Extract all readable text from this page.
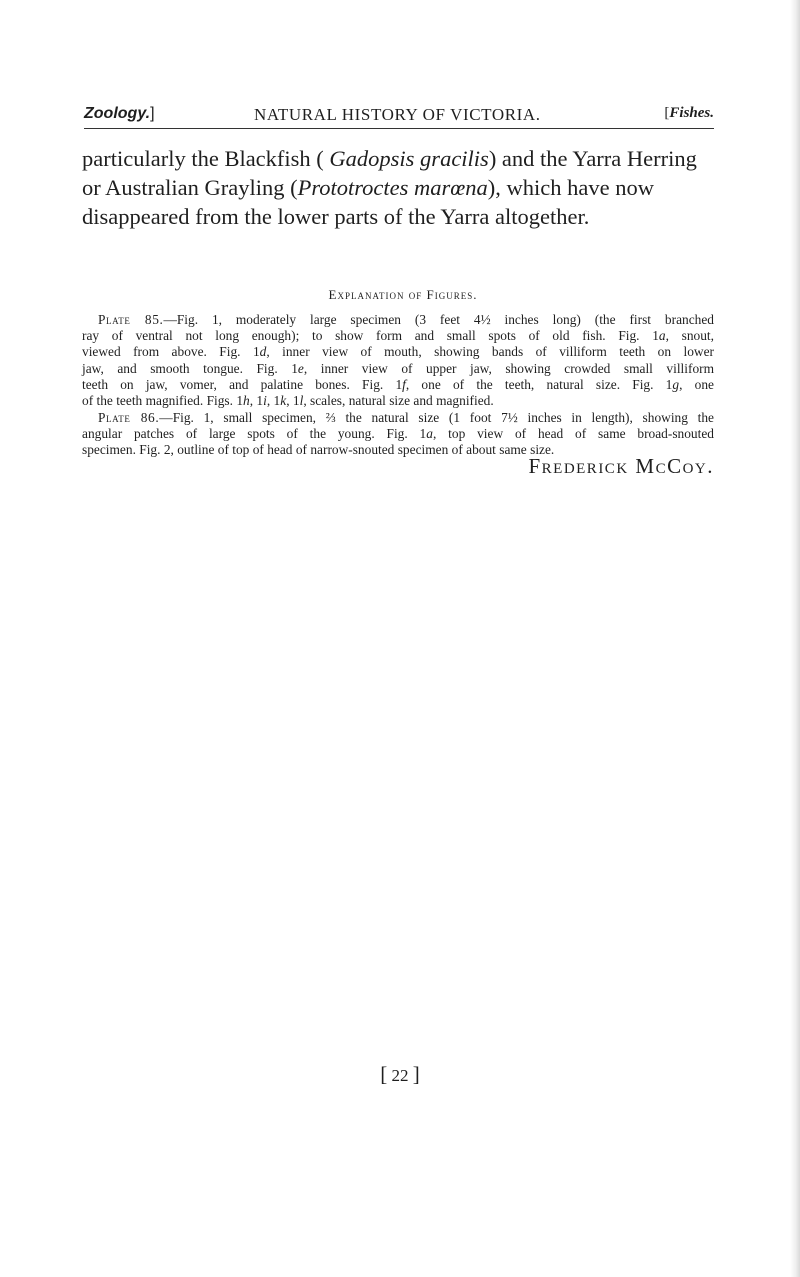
Zoology.]	NATURAL HISTORY OF VICTORIA.	[Fishes.

particularly the Blackfish ( Gadopsis gracilis) and the Yarra Herring
or Australian Grayling (Prototroctes marœna), which have now
disappeared from the lower parts of the Yarra altogether.

Explanation of Figures.

Plate 85.—Fig. 1, moderately large specimen (3 feet 4½ inches long) (the first branched
ray of ventral not long enough); to show form and small spots of old fish. Fig. 1a, snout,
viewed from above. Fig. 1d, inner view of mouth, showing bands of villiform teeth on lower
jaw, and smooth tongue. Fig. 1e, inner view of upper jaw, showing crowded small villiform
teeth on jaw, vomer, and palatine bones. Fig. 1f, one of the teeth, natural size. Fig. 1g, one
of the teeth magnified. Figs. 1h, 1i, 1k, 1l, scales, natural size and magnified.

Plate 86.—Fig. 1, small specimen, ⅔ the natural size (1 foot 7½ inches in length), showing the
angular patches of large spots of the young. Fig. 1a, top view of head of same broad-snouted
specimen. Fig. 2, outline of top of head of narrow-snouted specimen of about same size.

Frederick McCoy.

[ 22 ]
